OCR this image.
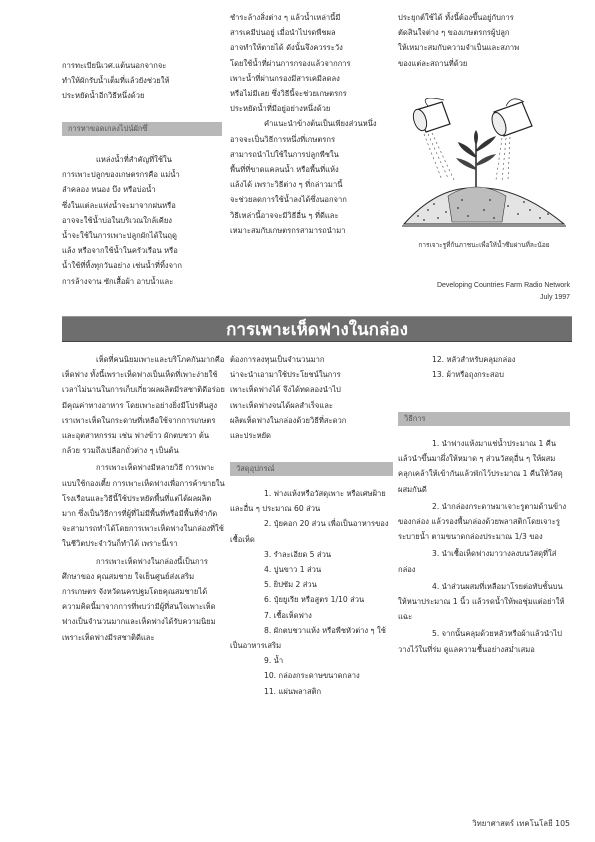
การทะเบียนิเวศ.แต้นนอกจากจะ

ทำให้ผักรับน้ำเต็มที่แล้วยังช่วยให้

ประหยัดน้ำอีกวิธีหนึ่งด้วย

การหาขอดเกลงไปน์ผักซึ่

แหล่งน้ำที่สำคัญที่ใช้ใน

การเพาะปลูกของเกษตรกรคือ แม่น้ำ

ลำคลอง หนอง บึง หรือบ่อน้ำ

ซึ่งในแต่ละแห่งน้ำจะมาจากฝนหรือ

อาจจะใช้น้ำบ่อในบริเวณใกล้เคียง

น้ำจะใช้ในการเพาะปลูกผักได้ในฤดู

แล้ง หรือจากใช้น้ำในครัวเรือน หรือ

น้ำใช้ที่ทิ้งทุกวันอย่าง เช่นน้ำที่ทิ้งจาก

การล้างจาน ซักเสื้อผ้า อาบน้ำและ

ชำระล้างสิ่งต่าง ๆ แล้วน้ำเหล่านี้มี

สารเคมีปนอยู่ เมื่อนำไปรดพืชผล

อาจทำให้ตายได้ ดังนั้นจึงควรระวัง

โดยใช้น้ำที่ผ่านการกรองแล้วจากการ

เพาะน้ำที่ผ่านกรองมีสารเคมีลดลง

หรือไม่มีเลย ซึ่งวิธีนี้จะช่วยเกษตรกร

ประหยัดน้ำที่มีอยู่อย่างหนึ่งด้วย

คำแนะนำข้างต้นเป็นเพียงส่วนหนึ่ง

อาจจะเป็นวิธีการหนึ่งที่เกษตรกร

สามารถนำไปใช้ในการปลูกพืชใน

พื้นที่ที่ขาดแคลนน้ำ หรือพื้นที่แห้ง

แล้งได้ เพราะวิธีต่าง ๆ ที่กล่าวมานี้

จะช่วยลดการใช้น้ำลงได้ซึ่งนอกจาก

วิธีเหล่านี้อาจจะมีวิธีอื่น ๆ ที่ดีและ

เหมาะสมกับเกษตรกรสามารถนำมา

ประยุกต์ใช้ได้ ทั้งนี้ต้องขึ้นอยู่กับการ

ตัดสินใจต่าง ๆ ของเกษตรกรผู้ปลูก

ให้เหมาะสมกับความจำเป็นและสภาพ

ของแต่ละสถานที่ด้วย

การเจาะรูที่ก้นภาชนะเพื่อให้น้ำซึมผ่านที่ละน้อย
Developing Countries Farm Radio Network
July 1997
การเพาะเห็ดฟางในกล่อง

เห็ดที่คนนิยมเพาะและบริโภคกันมากคือ เห็ดฟาง ทั้งนี้เพราะเห็ดฟางเป็นเห็ดที่เพาะง่ายใช้เวลาไม่นานในการเก็บเกี่ยวผลผลิตมีรสชาติดีอร่อย มีคุณค่าทางอาหาร โดยเพาะอย่างยิ่งมีโปรตีนสูงเราเพาะเห็ดในกระดาษที่เหลือใช้จากการเกษตรและอุตสาหกรรม เช่น ฟางข้าว ผักตบชวา ต้นกล้วย รวมถึงเปลือกถั่วต่าง ๆ เป็นต้น

การเพาะเห็ดฟางมีหลายวิธี การเพาะแบบใช้กองเตี้ย การเพาะเห็ดฟางเพื่อการค้าขายในโรงเรือนและวิธีนี้ใช้ประหยัดพื้นที่แต่ได้ผลผลิตมาก ซึ่งเป็นวิธีการที่ผู้ที่ไม่มีพื้นที่หรือมีพื้นที่จำกัดจะสามารถทำได้โดยการเพาะเห็ดฟางในกล่องที่ใช้ในชีวิตประจำวันก็ทำได้ เพราะนี้เรา

การเพาะเห็ดฟางในกล่องนี้เป็นการศึกษาของ คุณสมชาย ใจเย็นศูนย์ส่งเสริมการเกษตร จังหวัดนครปฐมโดยคุณสมชายได้ความคิดนี้มาจากการที่พบว่ามีผู้ที่สนใจเพาะเห็ดฟางเป็นจำนวนมากและเห็ดฟางได้รับความนิยมเพราะเห็ดฟางมีรสชาติดีและ

ต้องการลงทุนเป็นจำนวนมาก

น่าจะนำเอามาใช้ประโยชน์ในการ

เพาะเห็ดฟางได้ จึงได้ทดลองนำไป

เพาะเห็ดฟางจนได้ผลสำเร็จและ

ผลิตเห็ดฟางในกล่องด้วยวิธีที่สะดวก

และประหยัด

วัสดุอุปกรณ์

1. ฟางแห้งหรือวัสดุเพาะ หรือเศษฝ้ายและอื่น ๆ ประมาณ 60 ส่วน

2. ปุ๋ยคอก 20 ส่วน เพื่อเป็นอาหารของเชื้อเห็ด

3. รำละเอียด 5 ส่วน

4. ปูนขาว 1 ส่วน

5. ยิปซัม 2 ส่วน

6. ปุ๋ยยูเรีย หรือสูตร 1/10 ส่วน

7. เชื้อเห็ดฟาง

8. ผักตบชวาแห้ง หรือพืชหัวต่าง ๆ ใช้เป็นอาหารเสริม

9. น้ำ

10. กล่องกระดาษขนาดกลาง

11. แผ่นพลาสติก

12. หลัวสำหรับคลุมกล่อง

13. ผ้าหรือถุงกระสอบ

วิธีการ

1. นำฟางแห้งมาแช่น้ำประมาณ 1 คืน แล้วนำขึ้นมาผึ่งให้หมาด ๆ ส่วนวัสดุอื่น ๆ ให้ผสมคลุกเคล้าให้เข้ากันแล้วพักไว้ประมาณ 1 คืนให้วัสดุผสมกันดี

2. นำกล่องกระดาษมาเจาะรูตามด้านข้างของกล่อง แล้วรองพื้นกล่องด้วยพลาสติกโดยเจาะรูระบายน้ำ ตามขนาดกล่องประมาณ 1/3 ของ

3. นำเชื้อเห็ดฟางมาวางลงบนวัสดุที่ใส่กล่อง

4. นำส่วนผสมที่เหลือมาโรยต่อทับชั้นบนให้หนาประมาณ 1 นิ้ว แล้วรดน้ำให้พอชุ่มแต่อย่าให้แฉะ

5. จากนั้นคลุมด้วยหลัวหรือผ้าแล้วนำไปวางไว้ในที่ร่ม ดูแลความชื้นอย่างสม่ำเสมอ

วิทยาศาสตร์ เทคโนโลยี 105
